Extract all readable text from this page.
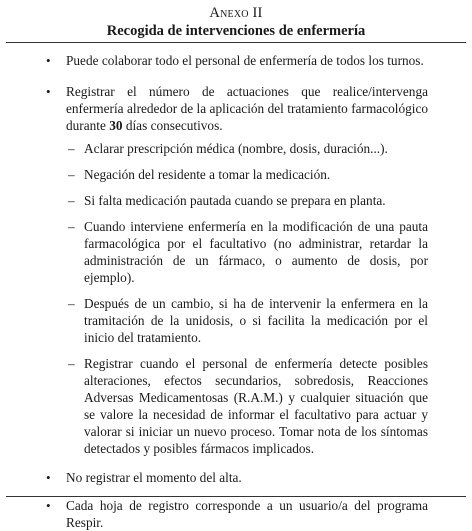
Anexo II
Recogida de intervenciones de enfermería
• Puede colaborar todo el personal de enfermería de todos los turnos.
• Registrar el número de actuaciones que realice/intervenga enfermería alrededor de la aplicación del tratamiento farmacológico durante 30 días consecutivos.
– Aclarar prescripción médica (nombre, dosis, duración...).
– Negación del residente a tomar la medicación.
– Si falta medicación pautada cuando se prepara en planta.
– Cuando interviene enfermería en la modificación de una pauta farmacológica por el facultativo (no administrar, retardar la administración de un fármaco, o aumento de dosis, por ejemplo).
– Después de un cambio, si ha de intervenir la enfermera en la tramitación de la unidosis, o si facilita la medicación por el inicio del tratamiento.
– Registrar cuando el personal de enfermería detecte posibles alteraciones, efectos secundarios, sobredosis, Reacciones Adversas Medicamentosas (R.A.M.) y cualquier situación que se valore la necesidad de informar el facultativo para actuar y valorar si iniciar un nuevo proceso. Tomar nota de los síntomas detectados y posibles fármacos implicados.
• No registrar el momento del alta.
• Cada hoja de registro corresponde a un usuario/a del programa Respir.
